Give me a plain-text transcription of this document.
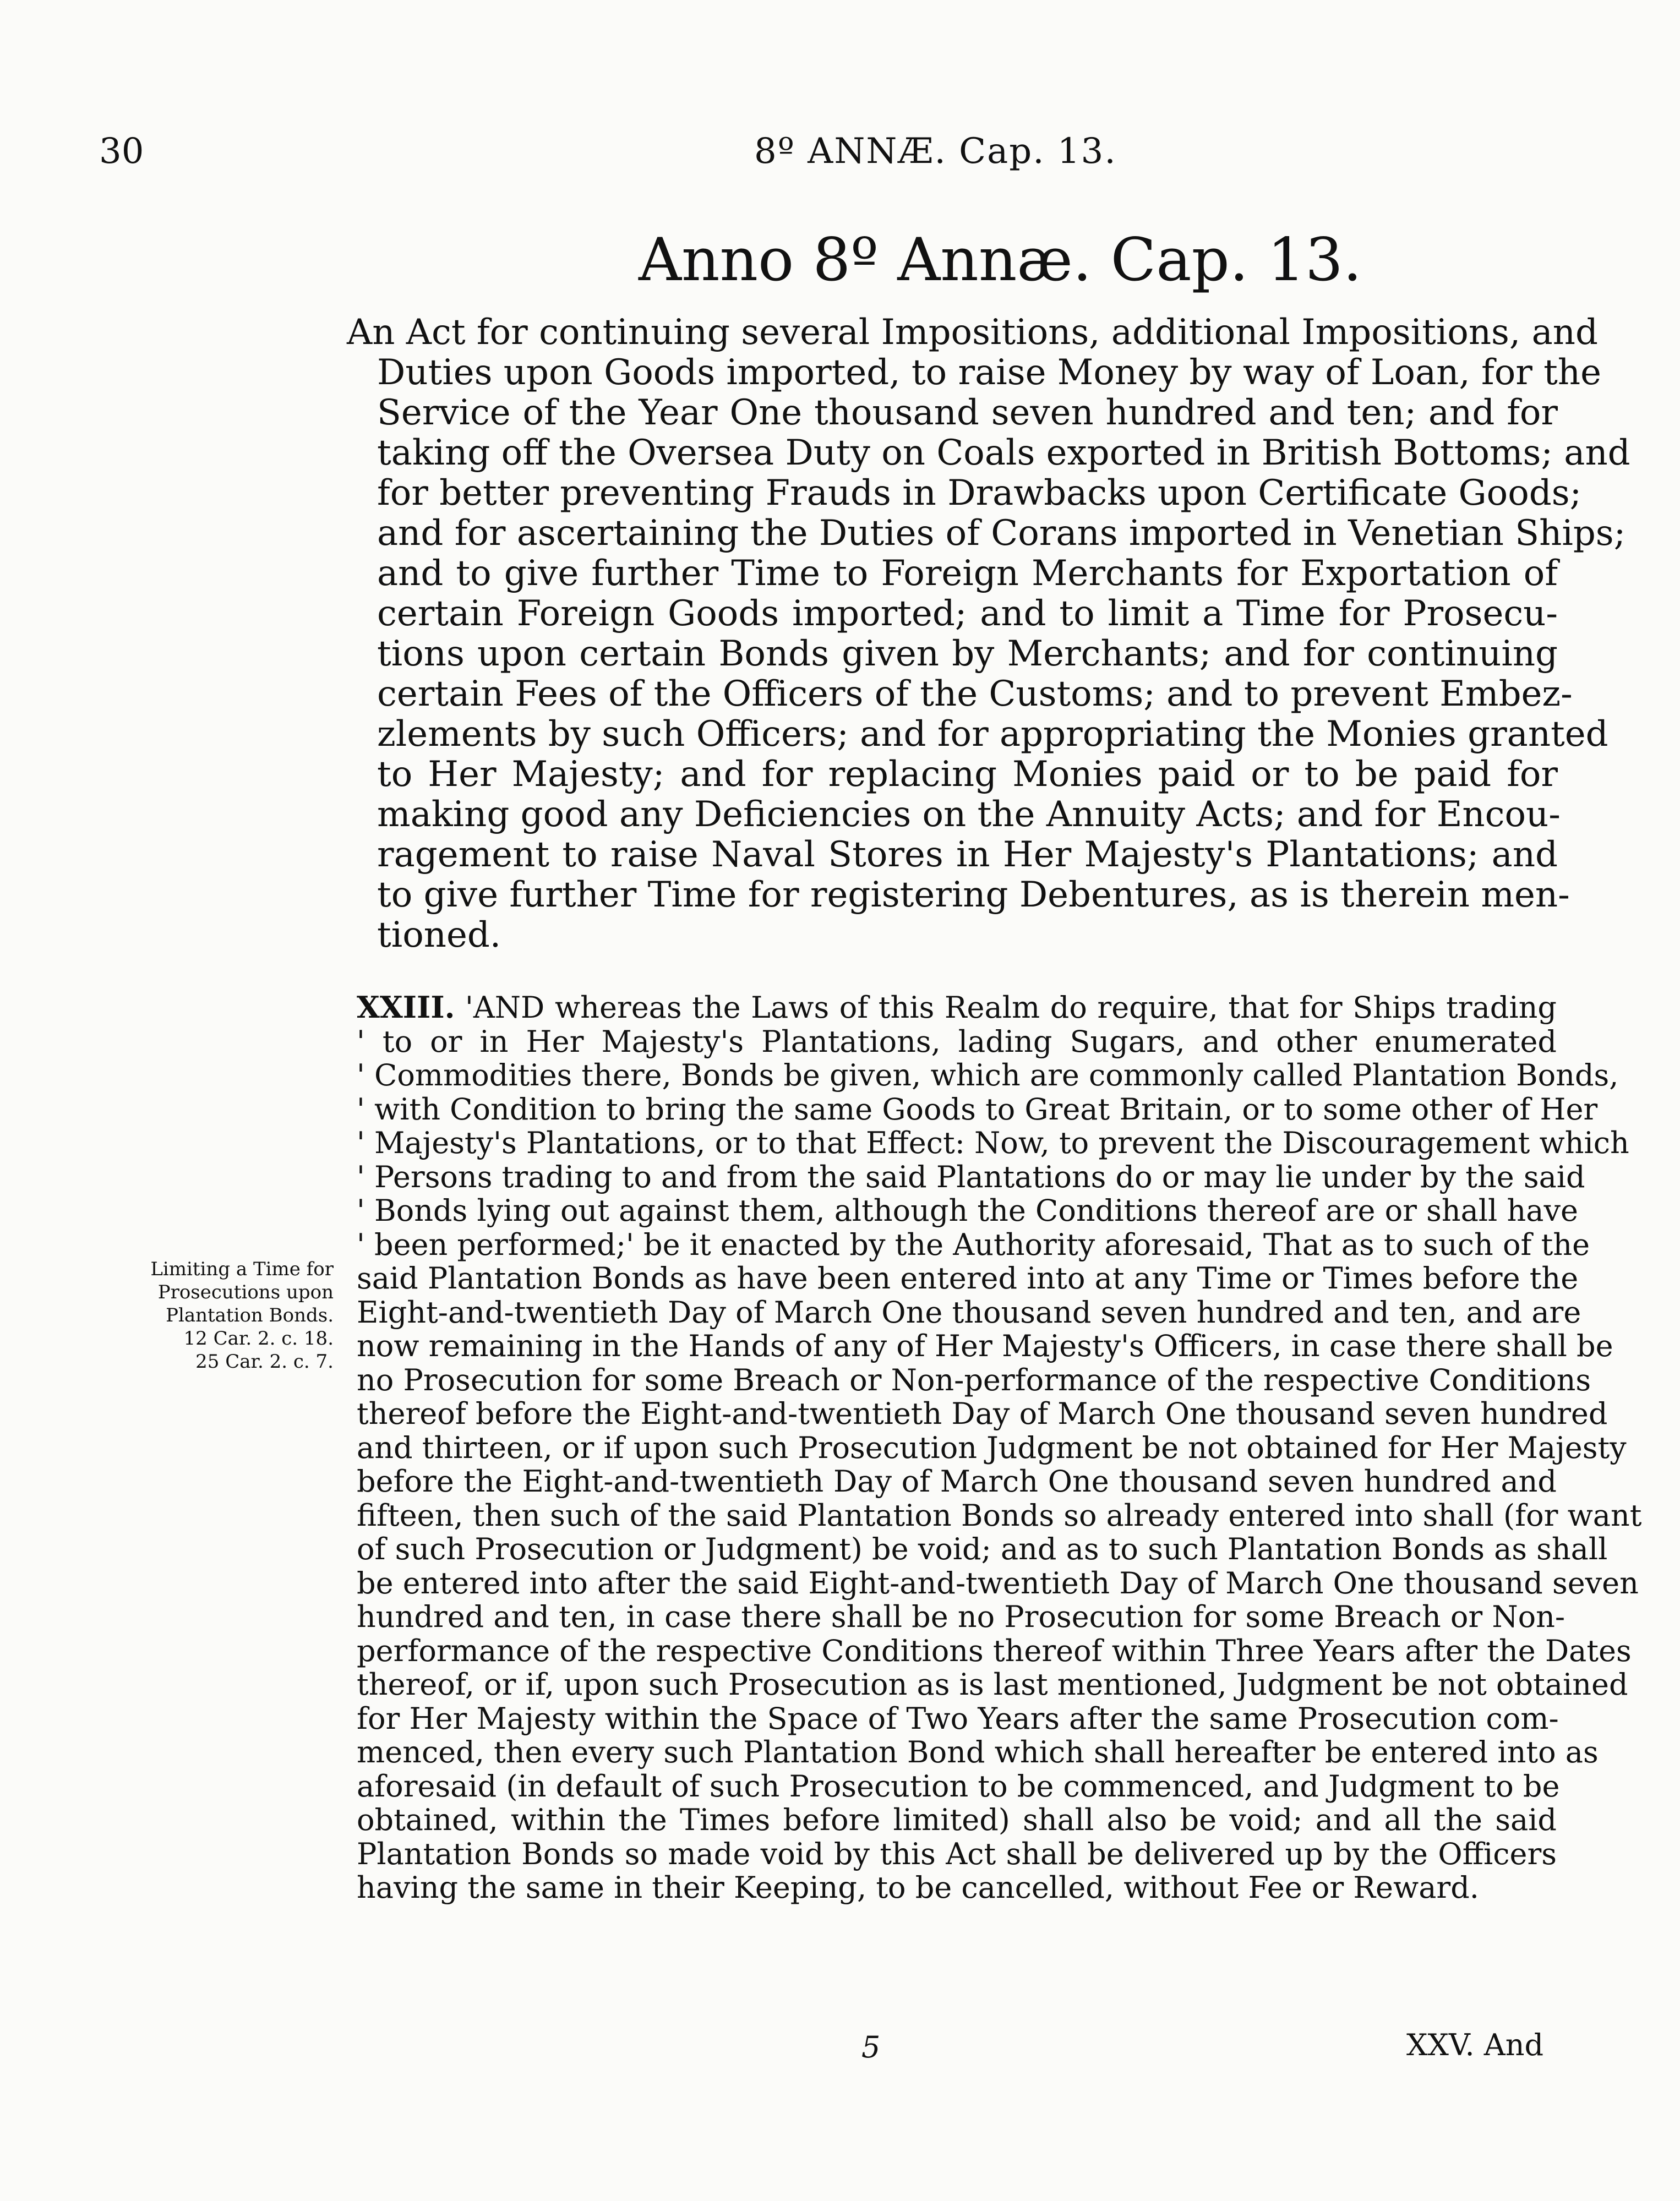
30	8º ANNÆ. Cap. 13.
Anno 8º Annæ. Cap. 13.
An Act for continuing several Impositions, additional Impositions, and
Duties upon Goods imported, to raise Money by way of Loan, for the
Service of the Year One thousand seven hundred and ten; and for
taking off the Oversea Duty on Coals exported in British Bottoms; and
for better preventing Frauds in Drawbacks upon Certificate Goods;
and for ascertaining the Duties of Corans imported in Venetian Ships;
and to give further Time to Foreign Merchants for Exportation of
certain Foreign Goods imported; and to limit a Time for Prosecu-
tions upon certain Bonds given by Merchants; and for continuing
certain Fees of the Officers of the Customs; and to prevent Embez-
zlements by such Officers; and for appropriating the Monies granted
to Her Majesty; and for replacing Monies paid or to be paid for
making good any Deficiencies on the Annuity Acts; and for Encou-
ragement to raise Naval Stores in Her Majesty's Plantations; and
to give further Time for registering Debentures, as is therein men-
tioned.
Limiting a Time for
Prosecutions upon
Plantation Bonds.
12 Car. 2. c. 18.
25 Car. 2. c. 7.
XXIII. 'AND whereas the Laws of this Realm do require, that for Ships trading
' to or in Her Majesty's Plantations, lading Sugars, and other enumerated
' Commodities there, Bonds be given, which are commonly called Plantation Bonds,
' with Condition to bring the same Goods to Great Britain, or to some other of Her
' Majesty's Plantations, or to that Effect: Now, to prevent the Discouragement which
' Persons trading to and from the said Plantations do or may lie under by the said
' Bonds lying out against them, although the Conditions thereof are or shall have
' been performed;' be it enacted by the Authority aforesaid, That as to such of the
said Plantation Bonds as have been entered into at any Time or Times before the
Eight-and-twentieth Day of March One thousand seven hundred and ten, and are
now remaining in the Hands of any of Her Majesty's Officers, in case there shall be
no Prosecution for some Breach or Non-performance of the respective Conditions
thereof before the Eight-and-twentieth Day of March One thousand seven hundred
and thirteen, or if upon such Prosecution Judgment be not obtained for Her Majesty
before the Eight-and-twentieth Day of March One thousand seven hundred and
fifteen, then such of the said Plantation Bonds so already entered into shall (for want
of such Prosecution or Judgment) be void; and as to such Plantation Bonds as shall
be entered into after the said Eight-and-twentieth Day of March One thousand seven
hundred and ten, in case there shall be no Prosecution for some Breach or Non-
performance of the respective Conditions thereof within Three Years after the Dates
thereof, or if, upon such Prosecution as is last mentioned, Judgment be not obtained
for Her Majesty within the Space of Two Years after the same Prosecution com-
menced, then every such Plantation Bond which shall hereafter be entered into as
aforesaid (in default of such Prosecution to be commenced, and Judgment to be
obtained, within the Times before limited) shall also be void; and all the said
Plantation Bonds so made void by this Act shall be delivered up by the Officers
having the same in their Keeping, to be cancelled, without Fee or Reward.
5	XXV. And
